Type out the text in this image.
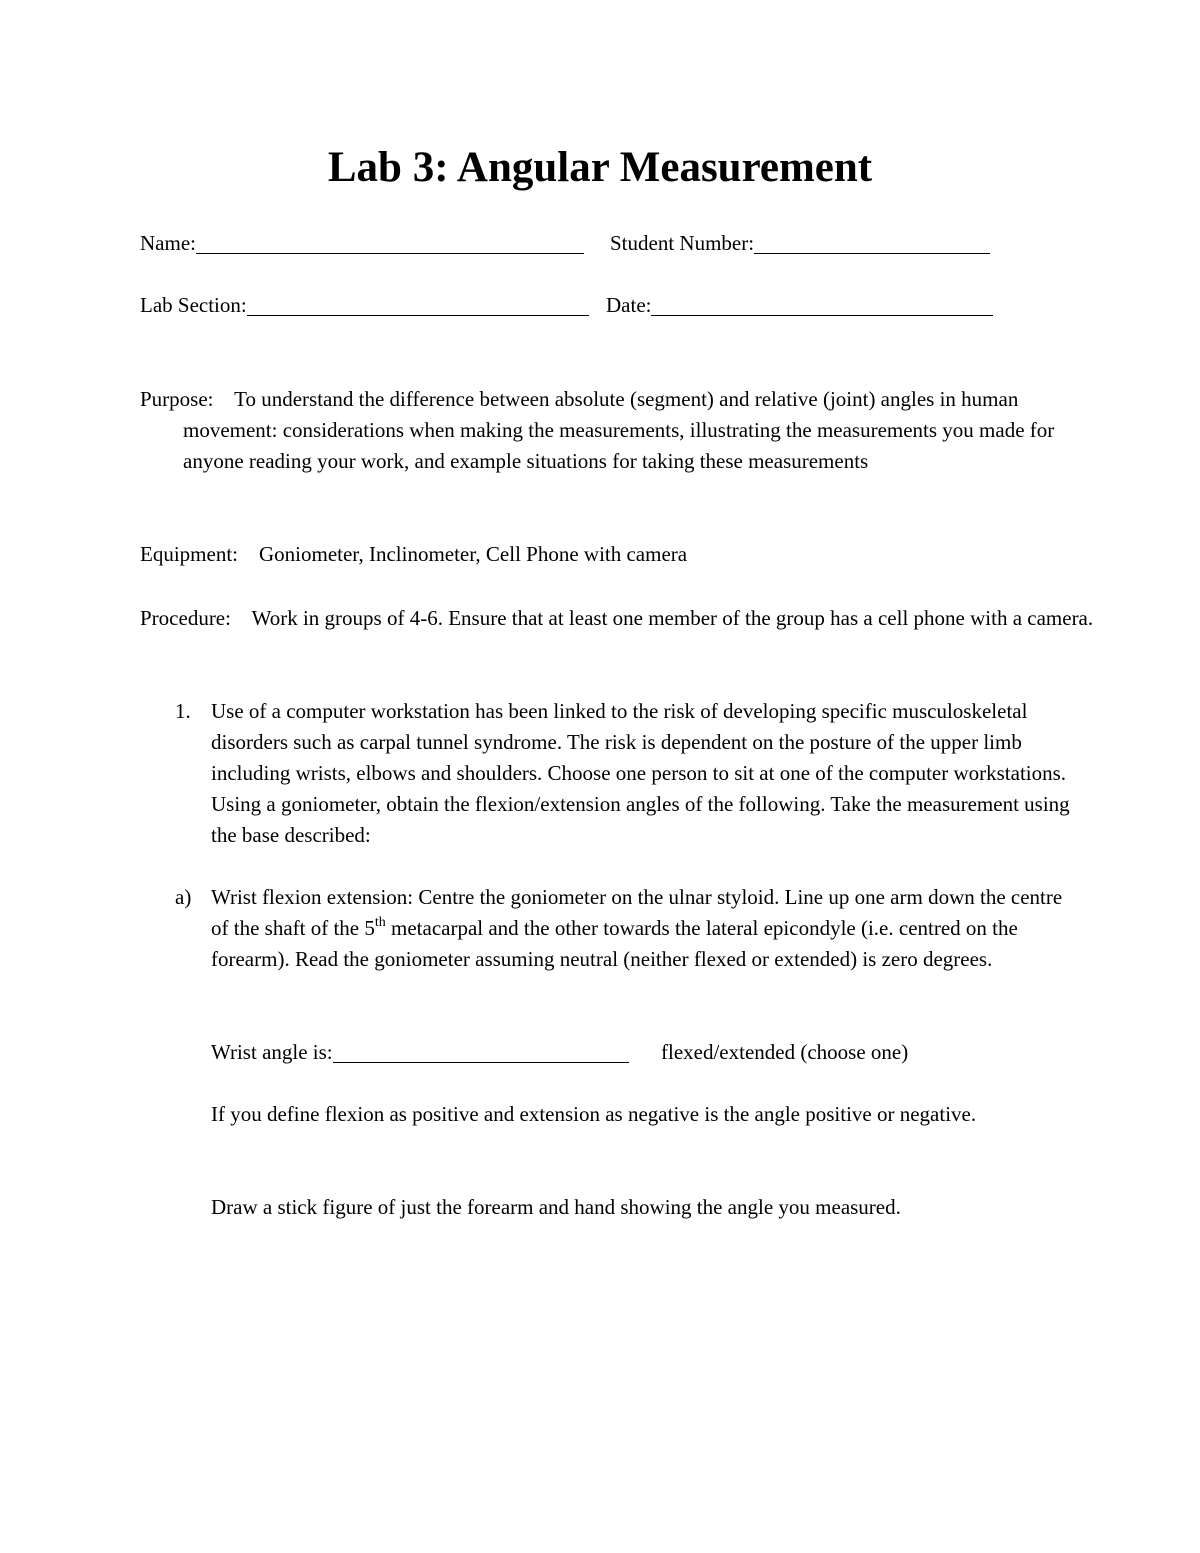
Lab 3: Angular Measurement
Name:	Student Number:
Lab Section:	Date:
Purpose: To understand the difference between absolute (segment) and relative (joint) angles in human movement: considerations when making the measurements, illustrating the measurements you made for anyone reading your work, and example situations for taking these measurements
Equipment: Goniometer, Inclinometer, Cell Phone with camera
Procedure: Work in groups of 4-6. Ensure that at least one member of the group has a cell phone with a camera.
1. Use of a computer workstation has been linked to the risk of developing specific musculoskeletal disorders such as carpal tunnel syndrome. The risk is dependent on the posture of the upper limb including wrists, elbows and shoulders. Choose one person to sit at one of the computer workstations. Using a goniometer, obtain the flexion/extension angles of the following. Take the measurement using the base described:
a) Wrist flexion extension: Centre the goniometer on the ulnar styloid. Line up one arm down the centre of the shaft of the 5th metacarpal and the other towards the lateral epicondyle (i.e. centred on the forearm). Read the goniometer assuming neutral (neither flexed or extended) is zero degrees.
Wrist angle is:	flexed/extended (choose one)
If you define flexion as positive and extension as negative is the angle positive or negative.
Draw a stick figure of just the forearm and hand showing the angle you measured.
